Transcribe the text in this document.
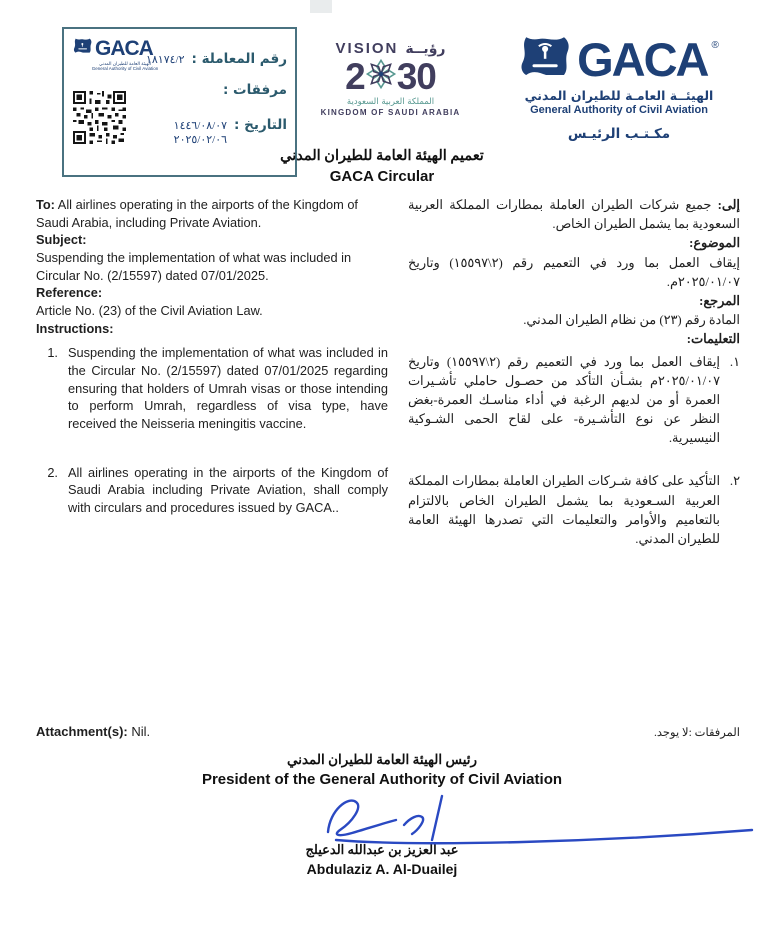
GACA
الهيئة العامة للطيران المدني
General Authority of Civil Aviation
رقم المعاملة :
١٨١٧٤/٢
مرفقات :
التاريخ :
١٤٤٦/٠٨/٠٧
٢٠٢٥/٠٢/٠٦
VISION رؤيــة
2 30
المملكة العربية السعودية
KINGDOM OF SAUDI ARABIA
GACA ®
الهيئــة العامـة للطيران المدني
General Authority of Civil Aviation
مكـتـب الرئيـس
تعميم الهيئة العامة للطيران المدني
GACA Circular

To: All airlines operating in the airports of the Kingdom of Saudi Arabia, including Private Aviation.

Subject:

Suspending the implementation of what was included in Circular No. (2/15597) dated 07/01/2025.

Reference:

Article No. (23) of the Civil Aviation Law.

Instructions:

1. Suspending the implementation of what was included in the Circular No. (2/15597) dated 07/01/2025 regarding ensuring that holders of Umrah visas or those intending to perform Umrah, regardless of visa type, have received the Neisseria meningitis vaccine.
2. All airlines operating in the airports of the Kingdom of Saudi Arabia including Private Aviation, shall comply with circulars and procedures issued by GACA..

إلى: جميع شركات الطيران العاملة بمطارات المملكة العربية السعودية بما يشمل الطيران الخاص.

الموضوع:

إيقاف العمل بما ورد في التعميم رقم (٢\١٥٥٩٧) وتاريخ ٢٠٢٥/٠١/٠٧م.

المرجع:

المادة رقم (٢٣) من نظام الطيران المدني.

التعليمات:

١.
إيقاف العمل بما ورد في التعميم رقم (٢\١٥٥٩٧) وتاريخ ٢٠٢٥/٠١/٠٧م بشـأن التأكد من حصـول حاملي تأشـيرات العمرة أو من لديهم الرغبة في أداء مناسـك العمرة-بغض النظر عن نوع التأشـيرة- على لقاح الحمى الشـوكية النيسيرية.
٢.
التأكيد على كافة شـركات الطيران العاملة بمطارات المملكة العربية السـعودية بما يشمل الطيران الخاص بالالتزام بالتعاميم والأوامر والتعليمات التي تصدرها الهيئة العامة للطيران المدني.
Attachment(s): Nil.	المرفقات :لا يوجد.
رئيس الهيئة العامة للطيران المدني
President of the General Authority of Civil Aviation
عبد العزيز بن عبدالله الدعيلج
Abdulaziz A. Al-Duailej
